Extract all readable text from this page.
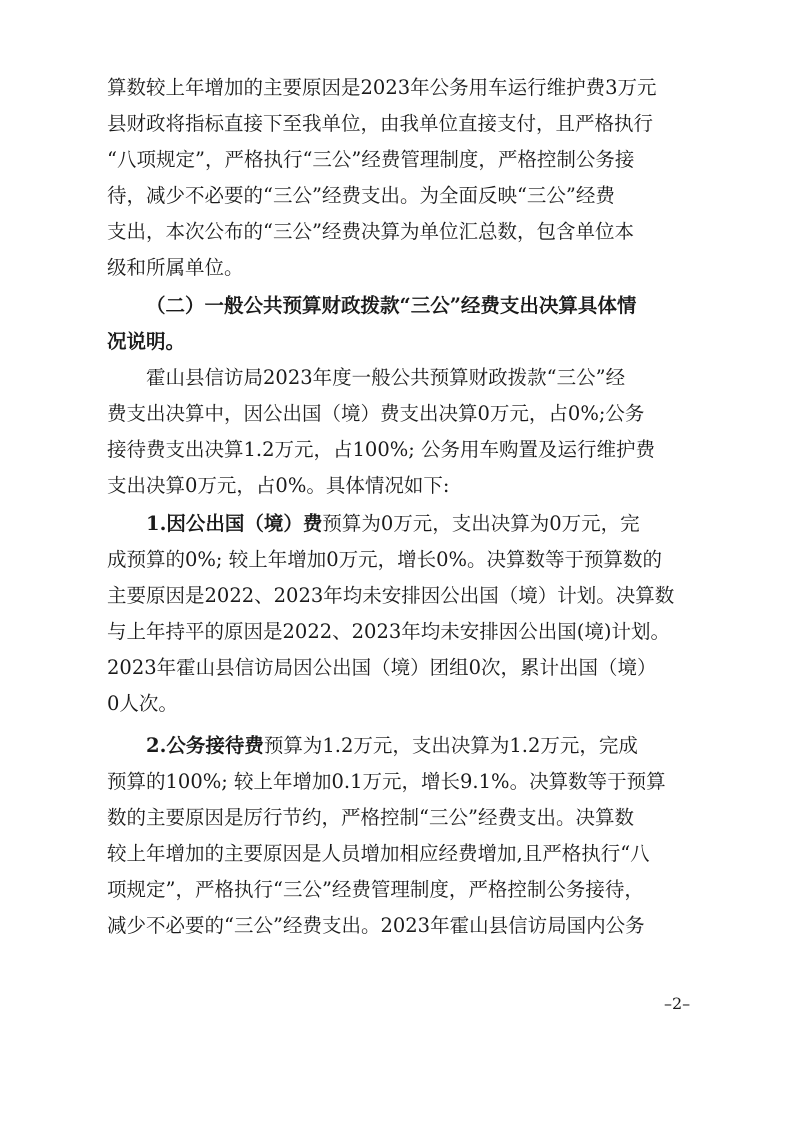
算数较上年增加的主要原因是2023年公务用车运行维护费3万元
县财政将指标直接下至我单位，由我单位直接支付，且严格执行
“八项规定”，严格执行“三公”经费管理制度，严格控制公务接
待，减少不必要的“三公”经费支出。为全面反映“三公”经费
支出，本次公布的“三公”经费决算为单位汇总数，包含单位本
级和所属单位。
（二）一般公共预算财政拨款“三公”经费支出决算具体情
况说明。
霍山县信访局2023年度一般公共预算财政拨款“三公”经
费支出决算中，因公出国（境）费支出决算0万元，占0%;公务
接待费支出决算1.2万元，占100%; 公务用车购置及运行维护费
支出决算0万元，占0%。具体情况如下:
1.因公出国（境）费预算为0万元，支出决算为0万元，完
成预算的0%; 较上年增加0万元，增长0%。决算数等于预算数的
主要原因是2022、2023年均未安排因公出国（境）计划。决算数
与上年持平的原因是2022、2023年均未安排因公出国(境)计划。
2023年霍山县信访局因公出国（境）团组0次，累计出国（境）
0人次。
2.公务接待费预算为1.2万元，支出决算为1.2万元，完成
预算的100%; 较上年增加0.1万元，增长9.1%。决算数等于预算
数的主要原因是厉行节约，严格控制“三公”经费支出。决算数
较上年增加的主要原因是人员增加相应经费增加,且严格执行“八
项规定”，严格执行“三公”经费管理制度，严格控制公务接待，
减少不必要的“三公”经费支出。2023年霍山县信访局国内公务
–2–
